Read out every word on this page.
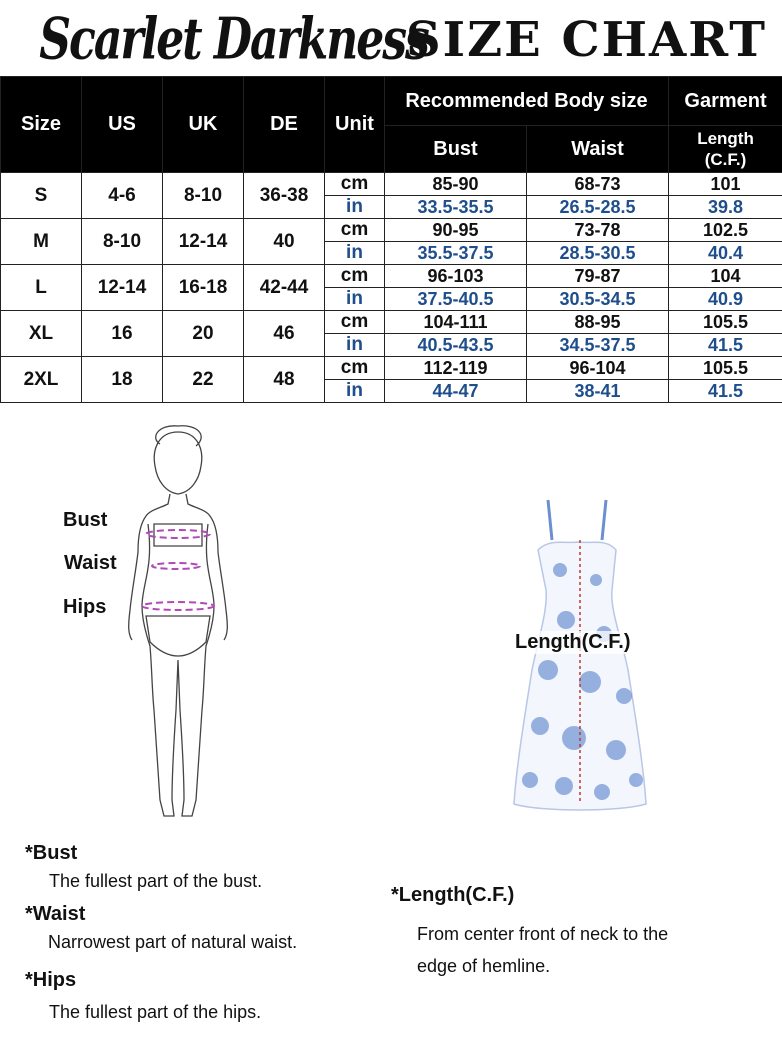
Scarlet Darkness
SIZE CHART
Size	US	UK	DE	Unit	Recommended Body size		Garment
					Bust	Waist	Length
(C.F.)
S	4-6	8-10	36-38	cm	85-90	68-73	101
				in	33.5-35.5	26.5-28.5	39.8
M	8-10	12-14	40	cm	90-95	73-78	102.5
				in	35.5-37.5	28.5-30.5	40.4
L	12-14	16-18	42-44	cm	96-103	79-87	104
				in	37.5-40.5	30.5-34.5	40.9
XL	16	20	46	cm	104-111	88-95	105.5
				in	40.5-43.5	34.5-37.5	41.5
2XL	18	22	48	cm	112-119	96-104	105.5
				in	44-47	38-41	41.5
Bust
Waist
Hips
Length(C.F.)
*Bust
The fullest part of the bust.
*Waist
Narrowest part of natural waist.
*Hips
The fullest part of the hips.
*Length(C.F.)
From center front of neck to the
edge of hemline.
